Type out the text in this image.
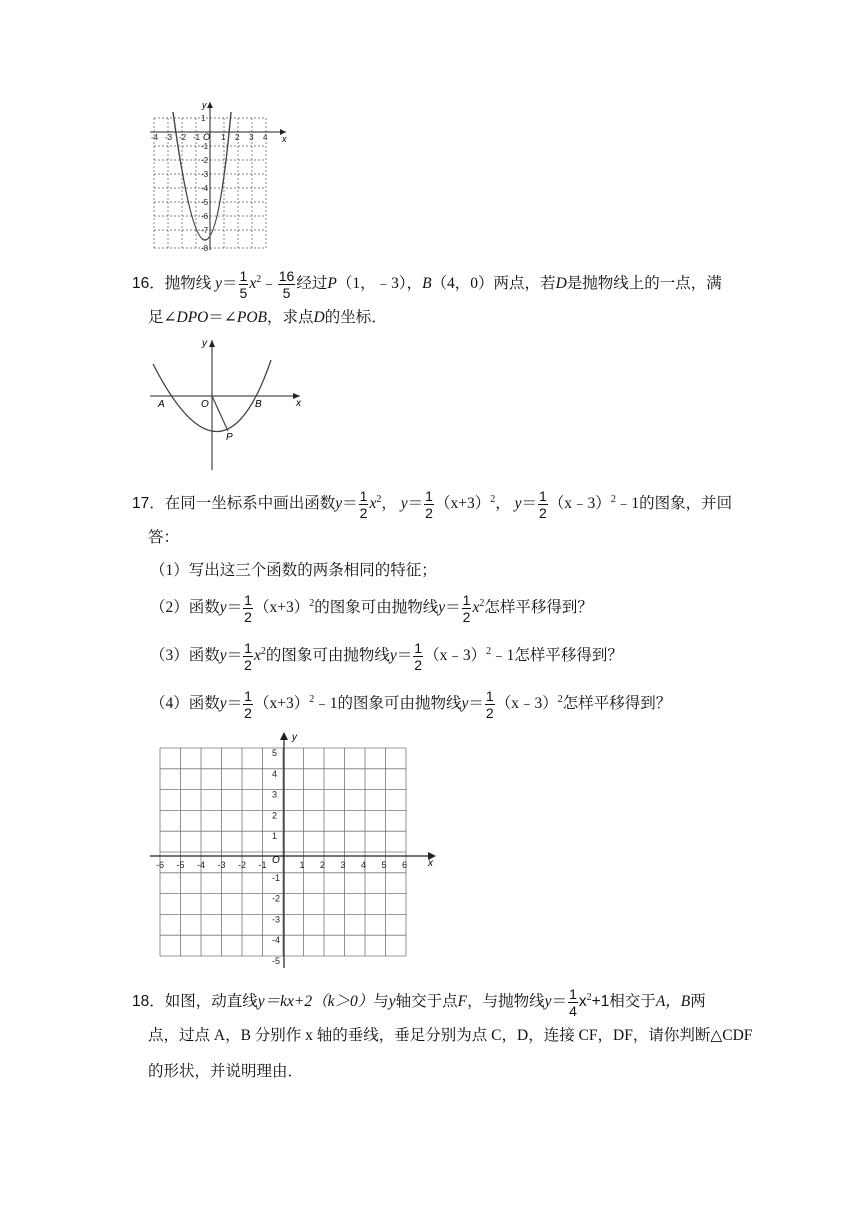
x
y
O
-4 -3 -2 -1	1 2 3 4
1
-1
-2
-3
-4
-5
-6
-7
-8
16．抛物线 $y= \frac{1}{5}$ $x^2﹣ \frac{16}{5}$ 经过P（1，﹣3），B（4，0）两点，若D是抛物线上的一点，满
足∠DPO＝∠POB，求点D的坐标．
A	O	B
P
x
y
17．在同一坐标系中画出函数$y= \frac{1}{2} x^2$， $y= \frac{1}{2} (x+3)^2$， $y= \frac{1}{2}$ （x﹣3）$^2$﹣1的图象，并回
答：
（1）写出这三个函数的两条相同的特征；
（2）函数$y= \frac{1}{2} (x+3)^2$的图象可由抛物线$y= \frac{1}{2} x^2$怎样平移得到？
（3）函数$y= \frac{1}{2} x^2$的图象可由抛物线$y= \frac{1}{2}$ （x﹣3）$^2$﹣1怎样平移得到？
（4）函数$y= \frac{1}{2}$ $(x+3)^2﹣1$的图象可由抛物线$y= \frac{1}{2}$ （x﹣3）$^2$怎样平移得到？
x
y
O
-6 -5 -4 -3 -2 -1	1 2 3 4 5 6
5
4
3
2
1
-1
-2
-3
-4
-5
18．如图，动直线y＝kx+2（k＞0）与y轴交于点F，与抛物线$y= \frac{1}{4} x^2+1$相交于A，B两
点，过点 A，B 分别作 x 轴的垂线，垂足分别为点 C，D，连接 CF，DF，请你判断△CDF
的形状，并说明理由．
